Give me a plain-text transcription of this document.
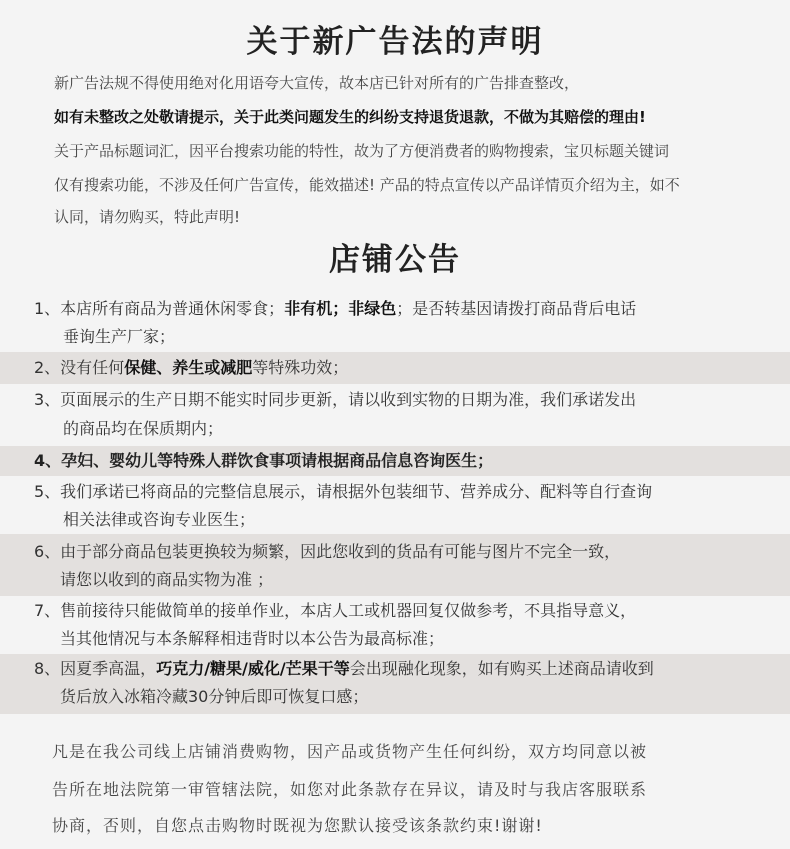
关于新广告法的声明
新广告法规不得使用绝对化用语夸大宣传，故本店已针对所有的广告排查整改，
如有未整改之处敬请提示，关于此类问题发生的纠纷支持退货退款，不做为其赔偿的理由!
关于产品标题词汇，因平台搜索功能的特性，故为了方便消费者的购物搜索，宝贝标题关键词
仅有搜索功能，不涉及任何广告宣传，能效描述! 产品的特点宣传以产品详情页介绍为主，如不
认同，请勿购买，特此声明!
店铺公告
1、本店所有商品为普通休闲零食；非有机；非绿色；是否转基因请拨打商品背后电话
垂询生产厂家；
2、没有任何保健、养生或减肥等特殊功效；
3、页面展示的生产日期不能实时同步更新，请以收到实物的日期为准，我们承诺发出
的商品均在保质期内；
4、孕妇、婴幼儿等特殊人群饮食事项请根据商品信息咨询医生；
5、我们承诺已将商品的完整信息展示，请根据外包装细节、营养成分、配料等自行查询
相关法律或咨询专业医生；
6、由于部分商品包装更换较为频繁，因此您收到的货品有可能与图片不完全一致，
请您以收到的商品实物为准 ；
7、售前接待只能做简单的接单作业，本店人工或机器回复仅做参考，不具指导意义，
当其他情况与本条解释相违背时以本公告为最高标准；
8、因夏季高温，巧克力/糖果/威化/芒果干等会出现融化现象，如有购买上述商品请收到
货后放入冰箱冷藏30分钟后即可恢复口感；
凡是在我公司线上店铺消费购物，因产品或货物产生任何纠纷，双方均同意以被
告所在地法院第一审管辖法院，如您对此条款存在异议，请及时与我店客服联系
协商，否则，自您点击购物时既视为您默认接受该条款约束!谢谢!
